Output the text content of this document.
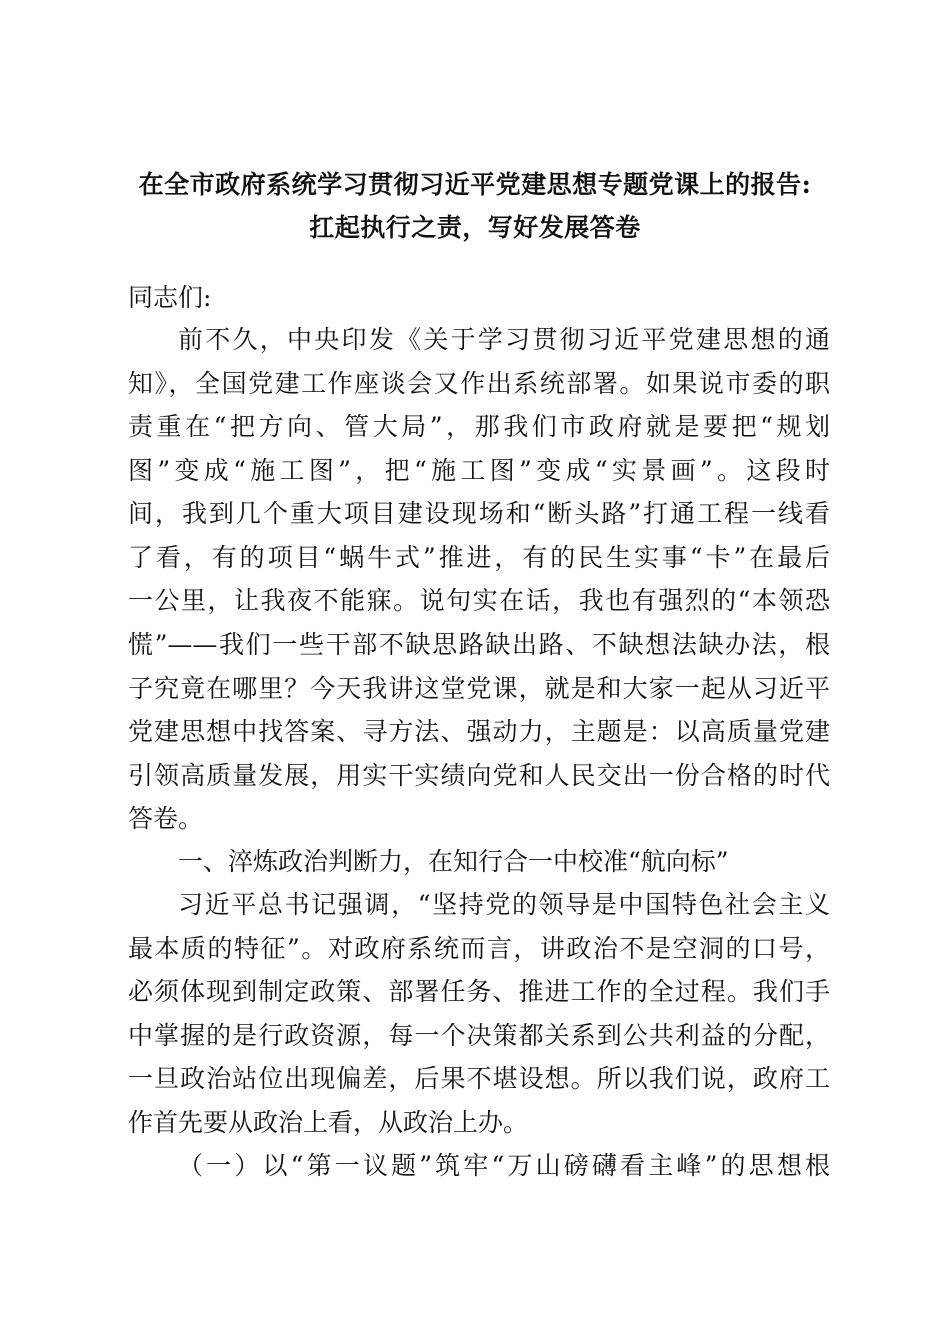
在全市政府系统学习贯彻习近平党建思想专题党课上的报告:
扛起执行之责，写好发展答卷
同志们:
前不久，中央印发《关于学习贯彻习近平党建思想的通
知》，全国党建工作座谈会又作出系统部署。如果说市委的职
责重在“把方向、管大局”，那我们市政府就是要把“规划
图”变成“施工图”，把“施工图”变成“实景画”。这段时
间，我到几个重大项目建设现场和“断头路”打通工程一线看
了看，有的项目“蜗牛式”推进，有的民生实事“卡”在最后
一公里，让我夜不能寐。说句实在话，我也有强烈的“本领恐
慌”——我们一些干部不缺思路缺出路、不缺想法缺办法，根
子究竟在哪里？今天我讲这堂党课，就是和大家一起从习近平
党建思想中找答案、寻方法、强动力，主题是：以高质量党建
引领高质量发展，用实干实绩向党和人民交出一份合格的时代
答卷。
一、淬炼政治判断力，在知行合一中校准“航向标”
习近平总书记强调，“坚持党的领导是中国特色社会主义
最本质的特征”。对政府系统而言，讲政治不是空洞的口号，
必须体现到制定政策、部署任务、推进工作的全过程。我们手
中掌握的是行政资源，每一个决策都关系到公共利益的分配，
一旦政治站位出现偏差，后果不堪设想。所以我们说，政府工
作首先要从政治上看，从政治上办。
（一）以“第一议题”筑牢“万山磅礴看主峰”的思想根
